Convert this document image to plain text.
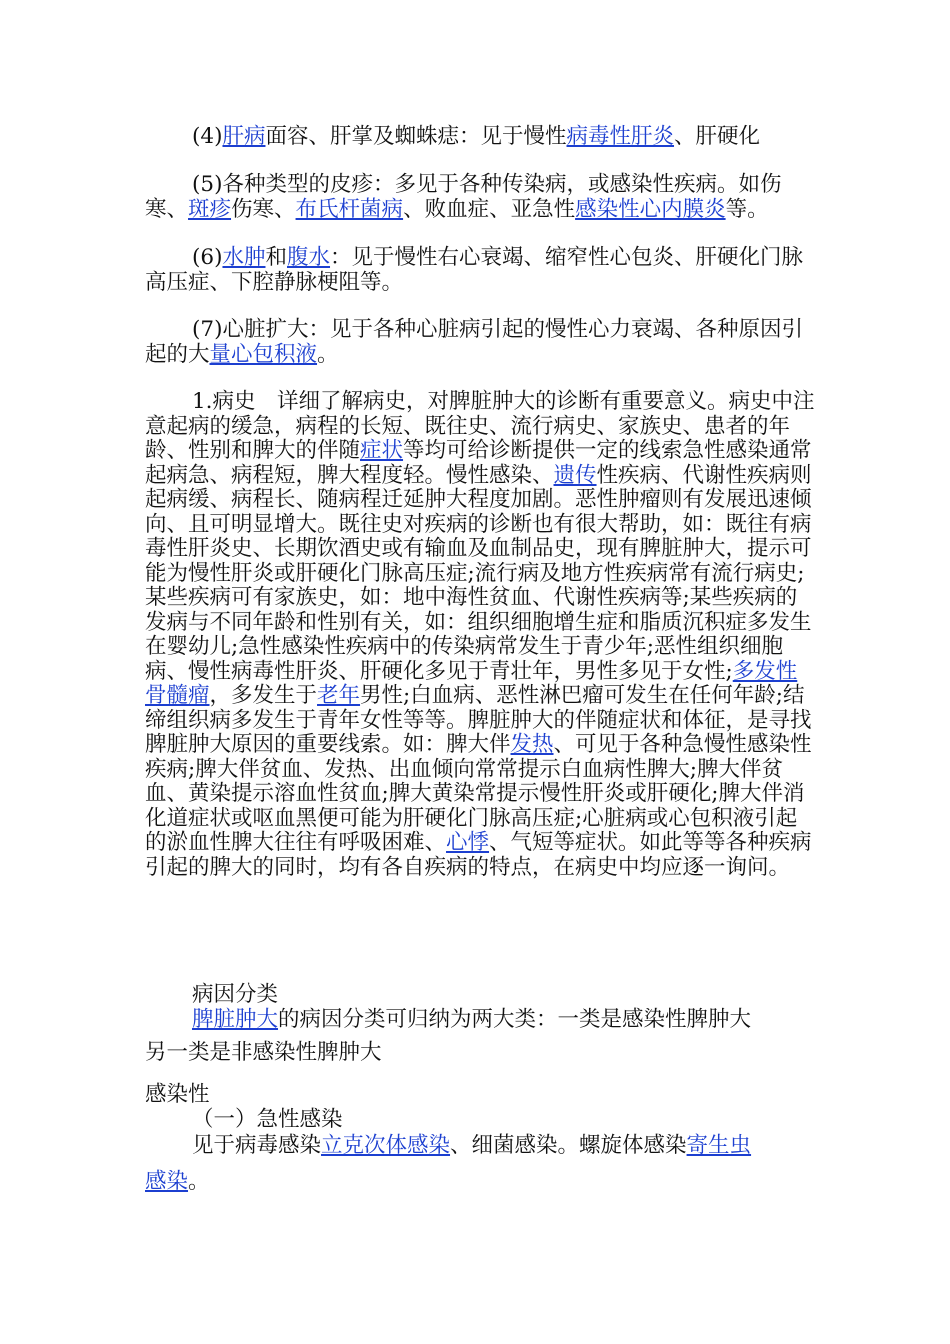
(4)肝病面容、肝掌及蜘蛛痣：见于慢性病毒性肝炎、肝硬化

(5)各种类型的皮疹：多见于各种传染病，或感染性疾病。如伤寒、斑疹伤寒、布氏杆菌病、败血症、亚急性感染性心内膜炎等。

(6)水肿和腹水：见于慢性右心衰竭、缩窄性心包炎、肝硬化门脉高压症、下腔静脉梗阻等。

(7)心脏扩大：见于各种心脏病引起的慢性心力衰竭、各种原因引起的大量心包积液。

1.病史　详细了解病史，对脾脏肿大的诊断有重要意义。病史中注意起病的缓急，病程的长短、既往史、流行病史、家族史、患者的年龄、性别和脾大的伴随症状等均可给诊断提供一定的线索急性感染通常起病急、病程短，脾大程度轻。慢性感染、遗传性疾病、代谢性疾病则起病缓、病程长、随病程迁延肿大程度加剧。恶性肿瘤则有发展迅速倾向、且可明显增大。既往史对疾病的诊断也有很大帮助，如：既往有病毒性肝炎史、长期饮酒史或有输血及血制品史，现有脾脏肿大，提示可能为慢性肝炎或肝硬化门脉高压症;流行病及地方性疾病常有流行病史;某些疾病可有家族史，如：地中海性贫血、代谢性疾病等;某些疾病的发病与不同年龄和性别有关，如：组织细胞增生症和脂质沉积症多发生在婴幼儿;急性感染性疾病中的传染病常发生于青少年;恶性组织细胞病、慢性病毒性肝炎、肝硬化多见于青壮年，男性多见于女性;多发性骨髓瘤，多发生于老年男性;白血病、恶性淋巴瘤可发生在任何年龄;结缔组织病多发生于青年女性等等。脾脏肿大的伴随症状和体征，是寻找脾脏肿大原因的重要线索。如：脾大伴发热、可见于各种急慢性感染性疾病;脾大伴贫血、发热、出血倾向常常提示白血病性脾大;脾大伴贫血、黄染提示溶血性贫血;脾大黄染常提示慢性肝炎或肝硬化;脾大伴消化道症状或呕血黑便可能为肝硬化门脉高压症;心脏病或心包积液引起的淤血性脾大往往有呼吸困难、心悸、气短等症状。如此等等各种疾病引起的脾大的同时，均有各自疾病的特点，在病史中均应逐一询问。

病因分类
脾脏肿大的病因分类可归纳为两大类：一类是感染性脾肿大
另一类是非感染性脾肿大
感染性
（一）急性感染
见于病毒感染立克次体感染、细菌感染。螺旋体感染寄生虫
感染。
